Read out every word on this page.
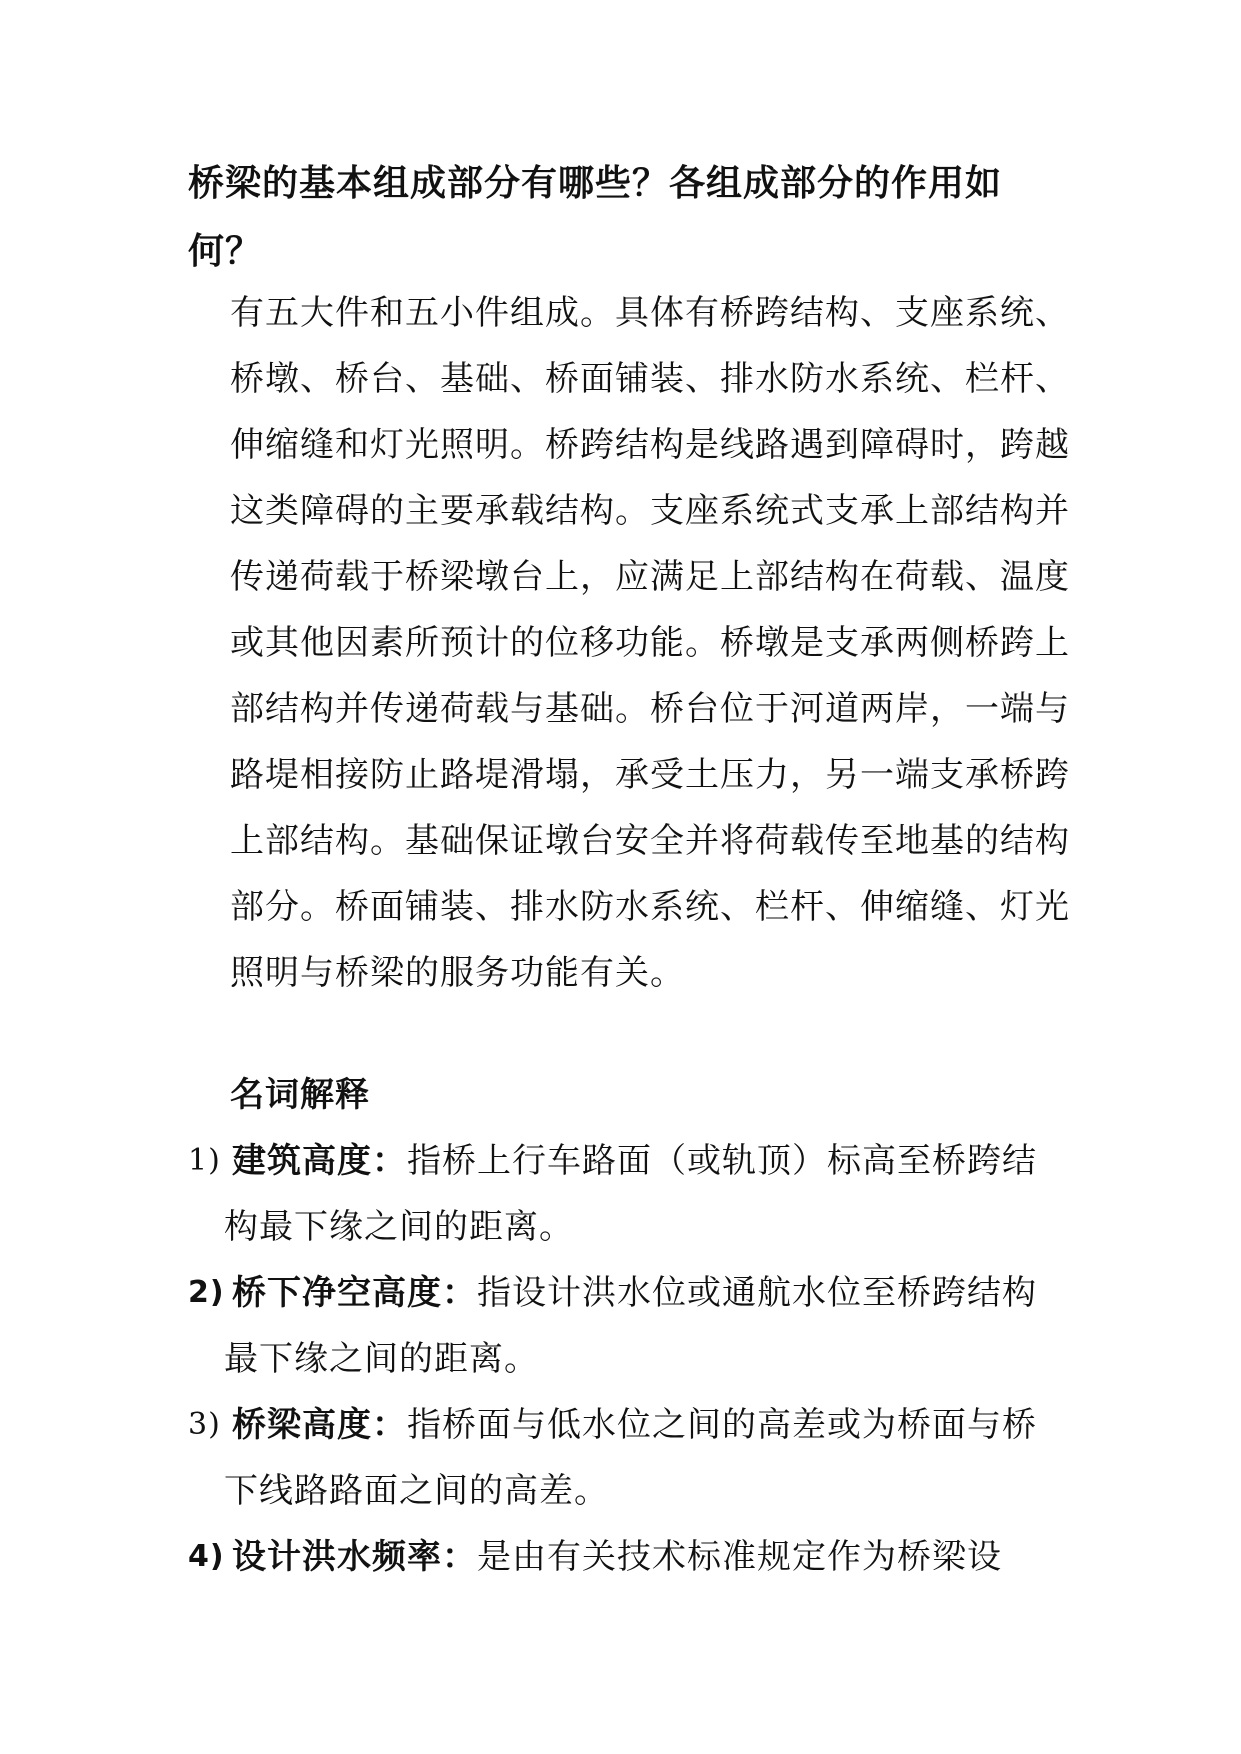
桥梁的基本组成部分有哪些？各组成部分的作用如何？
有五大件和五小件组成。具体有桥跨结构、支座系统、桥墩、桥台、基础、桥面铺装、排水防水系统、栏杆、伸缩缝和灯光照明。桥跨结构是线路遇到障碍时，跨越这类障碍的主要承载结构。支座系统式支承上部结构并传递荷载于桥梁墩台上，应满足上部结构在荷载、温度或其他因素所预计的位移功能。桥墩是支承两侧桥跨上部结构并传递荷载与基础。桥台位于河道两岸，一端与路堤相接防止路堤滑塌，承受土压力，另一端支承桥跨上部结构。基础保证墩台安全并将荷载传至地基的结构部分。桥面铺装、排水防水系统、栏杆、伸缩缝、灯光照明与桥梁的服务功能有关。
名词解释
1) 建筑高度：指桥上行车路面（或轨顶）标高至桥跨结构最下缘之间的距离。
2) 桥下净空高度：指设计洪水位或通航水位至桥跨结构最下缘之间的距离。
3) 桥梁高度：指桥面与低水位之间的高差或为桥面与桥下线路路面之间的高差。
4) 设计洪水频率：是由有关技术标准规定作为桥梁设
